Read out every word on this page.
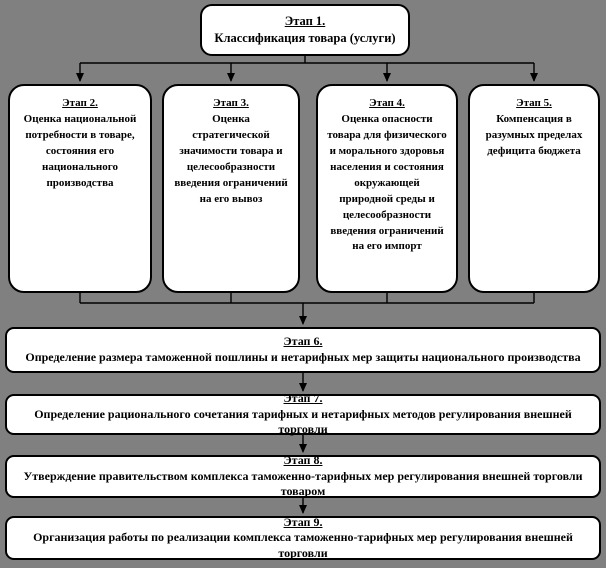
Этап 1.
Классификация товара (услуги)
Этап 2.
Оценка национальной потребности в товаре, состояния его национального производства
Этап 3.
Оценка стратегической значимости товара и целесообразности введения ограничений на его вывоз
Этап 4.
Оценка опасности товара для физического и морального здоровья населения и состояния окружающей природной среды и целесообразности введения ограничений на его импорт
Этап 5.
Компенсация в разумных пределах дефицита бюджета
Этап 6.
Определение размера таможенной пошлины и нетарифных мер защиты национального производства
Этап 7.
Определение рационального сочетания тарифных и нетарифных методов регулирования внешней торговли
Этап 8.
Утверждение правительством комплекса таможенно-тарифных мер регулирования внешней торговли товаром
Этап 9.
Организация работы по реализации комплекса таможенно-тарифных мер регулирования внешней торговли
